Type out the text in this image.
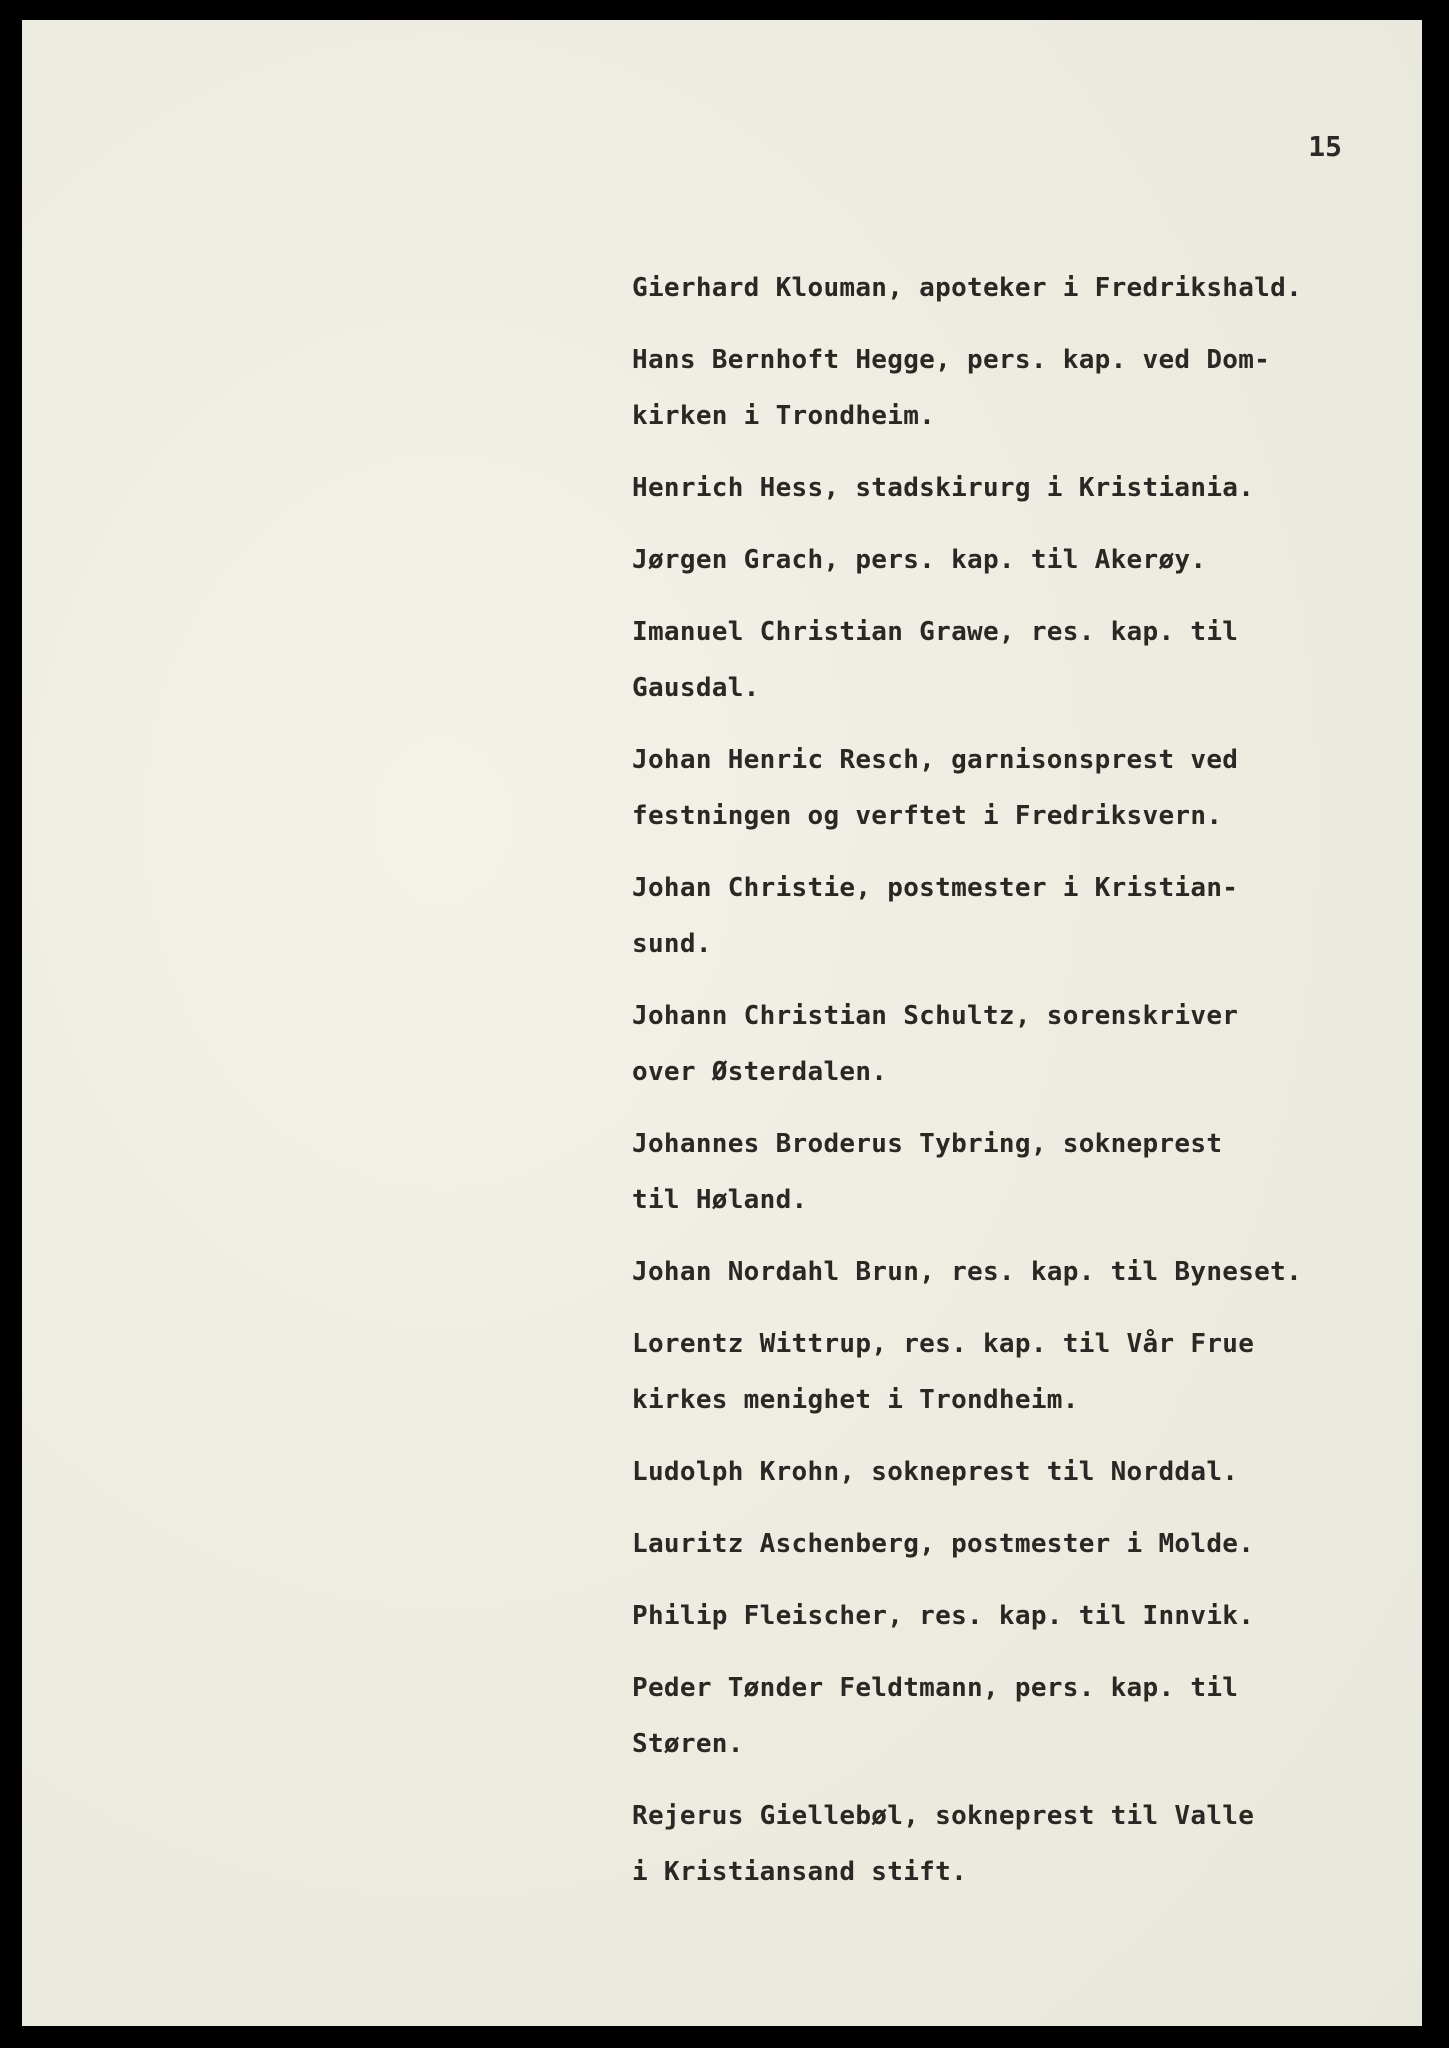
15
Gierhard Klouman, apoteker i Fredrikshald.
Hans Bernhoft Hegge, pers. kap. ved Dom-
kirken i Trondheim.
Henrich Hess, stadskirurg i Kristiania.
Jørgen Grach, pers. kap. til Akerøy.
Imanuel Christian Grawe, res. kap. til
Gausdal.
Johan Henric Resch, garnisonsprest ved
festningen og verftet i Fredriksvern.
Johan Christie, postmester i Kristian-
sund.
Johann Christian Schultz, sorenskriver
over Østerdalen.
Johannes Broderus Tybring, sokneprest
til Høland.
Johan Nordahl Brun, res. kap. til Byneset.
Lorentz Wittrup, res. kap. til Vår Frue
kirkes menighet i Trondheim.
Ludolph Krohn, sokneprest til Norddal.
Lauritz Aschenberg, postmester i Molde.
Philip Fleischer, res. kap. til Innvik.
Peder Tønder Feldtmann, pers. kap. til
Støren.
Rejerus Giellebøl, sokneprest til Valle
i Kristiansand stift.
